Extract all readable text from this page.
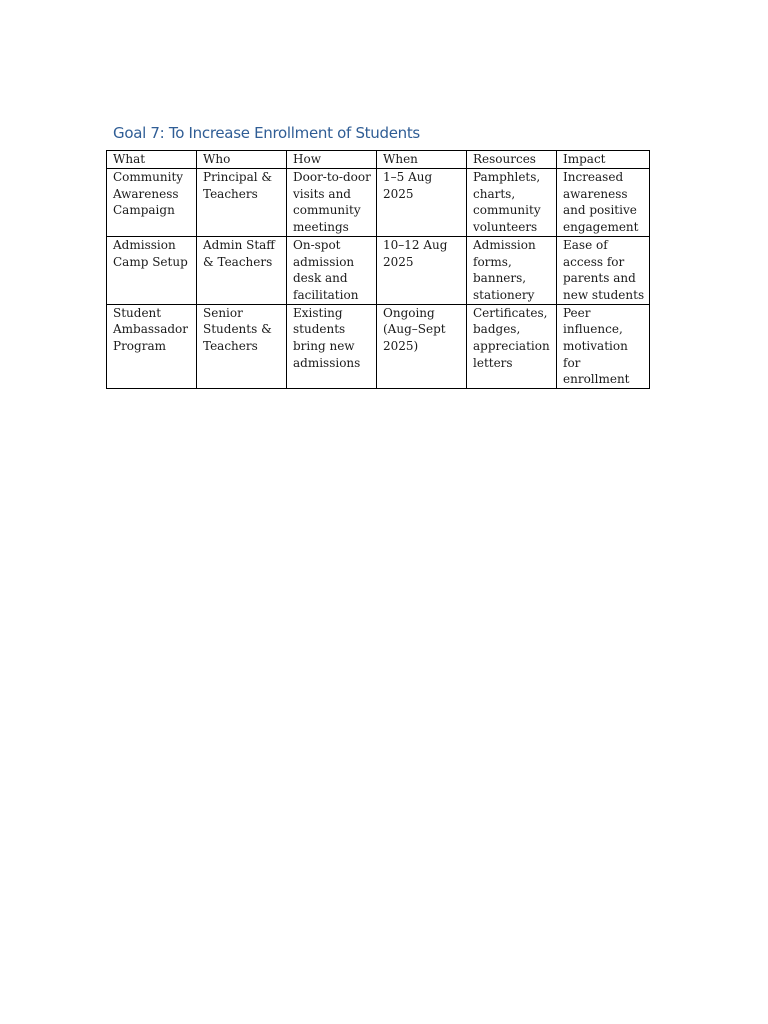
Goal 7: To Increase Enrollment of Students
What	Who	How	When	Resources	Impact

Community Awareness Campaign	Principal & Teachers	Door-to-door visits and community meetings	1–5 Aug 2025	Pamphlets, charts, community volunteers	Increased awareness and positive engagement

Admission Camp Setup	Admin Staff & Teachers	On-spot admission desk and facilitation	10–12 Aug 2025	Admission forms, banners, stationery	Ease of access for parents and new students

Student Ambassador Program	Senior Students & Teachers	Existing students bring new admissions	Ongoing (Aug–Sept 2025)	Certificates, badges, appreciation letters	Peer influence, motivation for enrollment
